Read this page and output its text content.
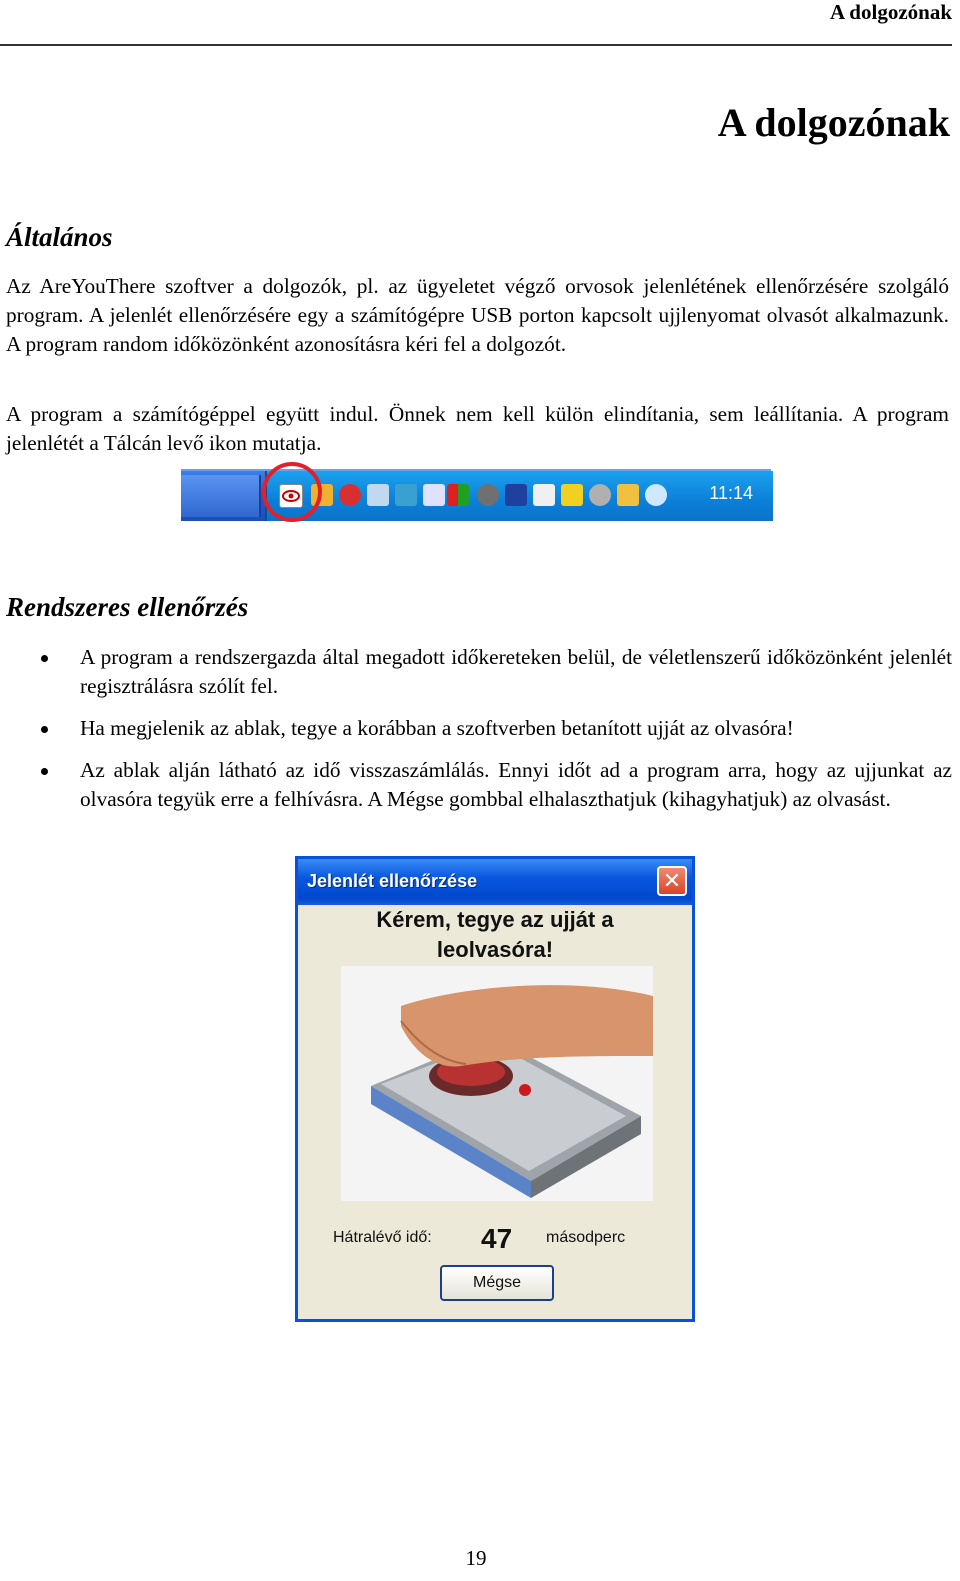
A dolgozónak
A dolgozónak
Általános

Az AreYouThere szoftver a dolgozók, pl. az ügyeletet végző orvosok jelenlétének ellenőrzésére szolgáló program. A jelenlét ellenőrzésére egy a számítógépre USB porton kapcsolt ujjlenyomat olvasót alkalmazunk. A program random időközönként azonosításra kéri fel a dolgozót.

A program a számítógéppel együtt indul. Önnek nem kell külön elindítania, sem leállítania. A program jelenlétét a Tálcán levő ikon mutatja.

11:14
Rendszeres ellenőrzés
A program a rendszergazda által megadott időkereteken belül, de véletlenszerű időközönként jelenlét regisztrálásra szólít fel.
Ha megjelenik az ablak, tegye a korábban a szoftverben betanított ujját az olvasóra!
Az ablak alján látható az idő visszaszámlálás. Ennyi időt ad a program arra, hogy az ujjunkat az olvasóra tegyük erre a felhívásra. A Mégse gombbal elhalaszthatjuk (kihagyhatjuk) az olvasást.
Jelenlét ellenőrzése	✕
Kérem, tegye az ujját a
leolvasóra!
Hátralévő idő: 47 másodperc
Mégse
19
